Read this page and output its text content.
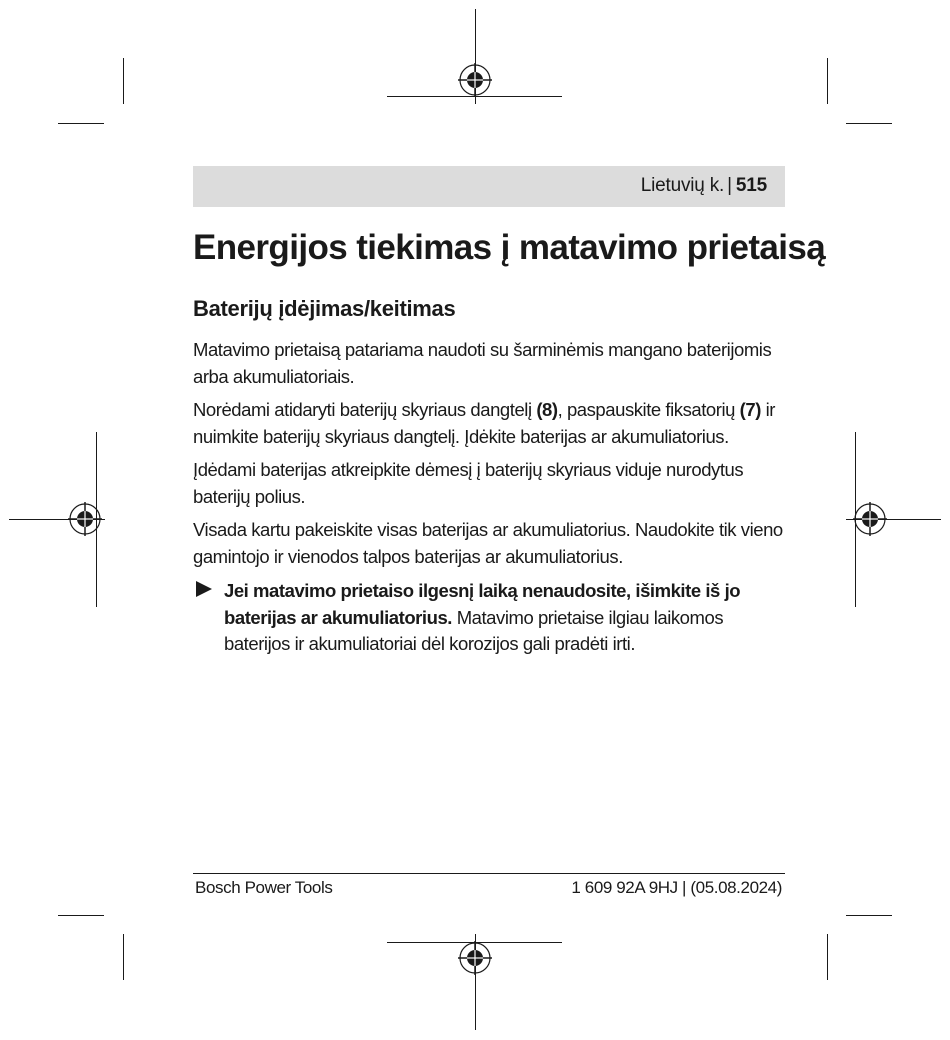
Lietuvių k. | 515
Energijos tiekimas į matavimo prietaisą
Baterijų įdėjimas/keitimas

Matavimo prietaisą patariama naudoti su šarminėmis mangano baterijomis arba akumuliatoriais.

Norėdami atidaryti baterijų skyriaus dangtelį (8), paspauskite fiksatorių (7) ir nuimkite baterijų skyriaus dangtelį. Įdėkite baterijas ar akumuliatorius.

Įdėdami baterijas atkreipkite dėmesį į baterijų skyriaus viduje nurodytus baterijų polius.

Visada kartu pakeiskite visas baterijas ar akumuliatorius. Naudokite tik vieno gamintojo ir vienodos talpos baterijas ar akumuliatorius.

Jei matavimo prietaiso ilgesnį laiką nenaudosite, išimkite iš jo baterijas ar akumuliatorius. Matavimo prietaise ilgiau laikomos baterijos ir akumuliatoriai dėl korozijos gali pradėti irti.
Bosch Power Tools	1 609 92A 9HJ | (05.08.2024)
